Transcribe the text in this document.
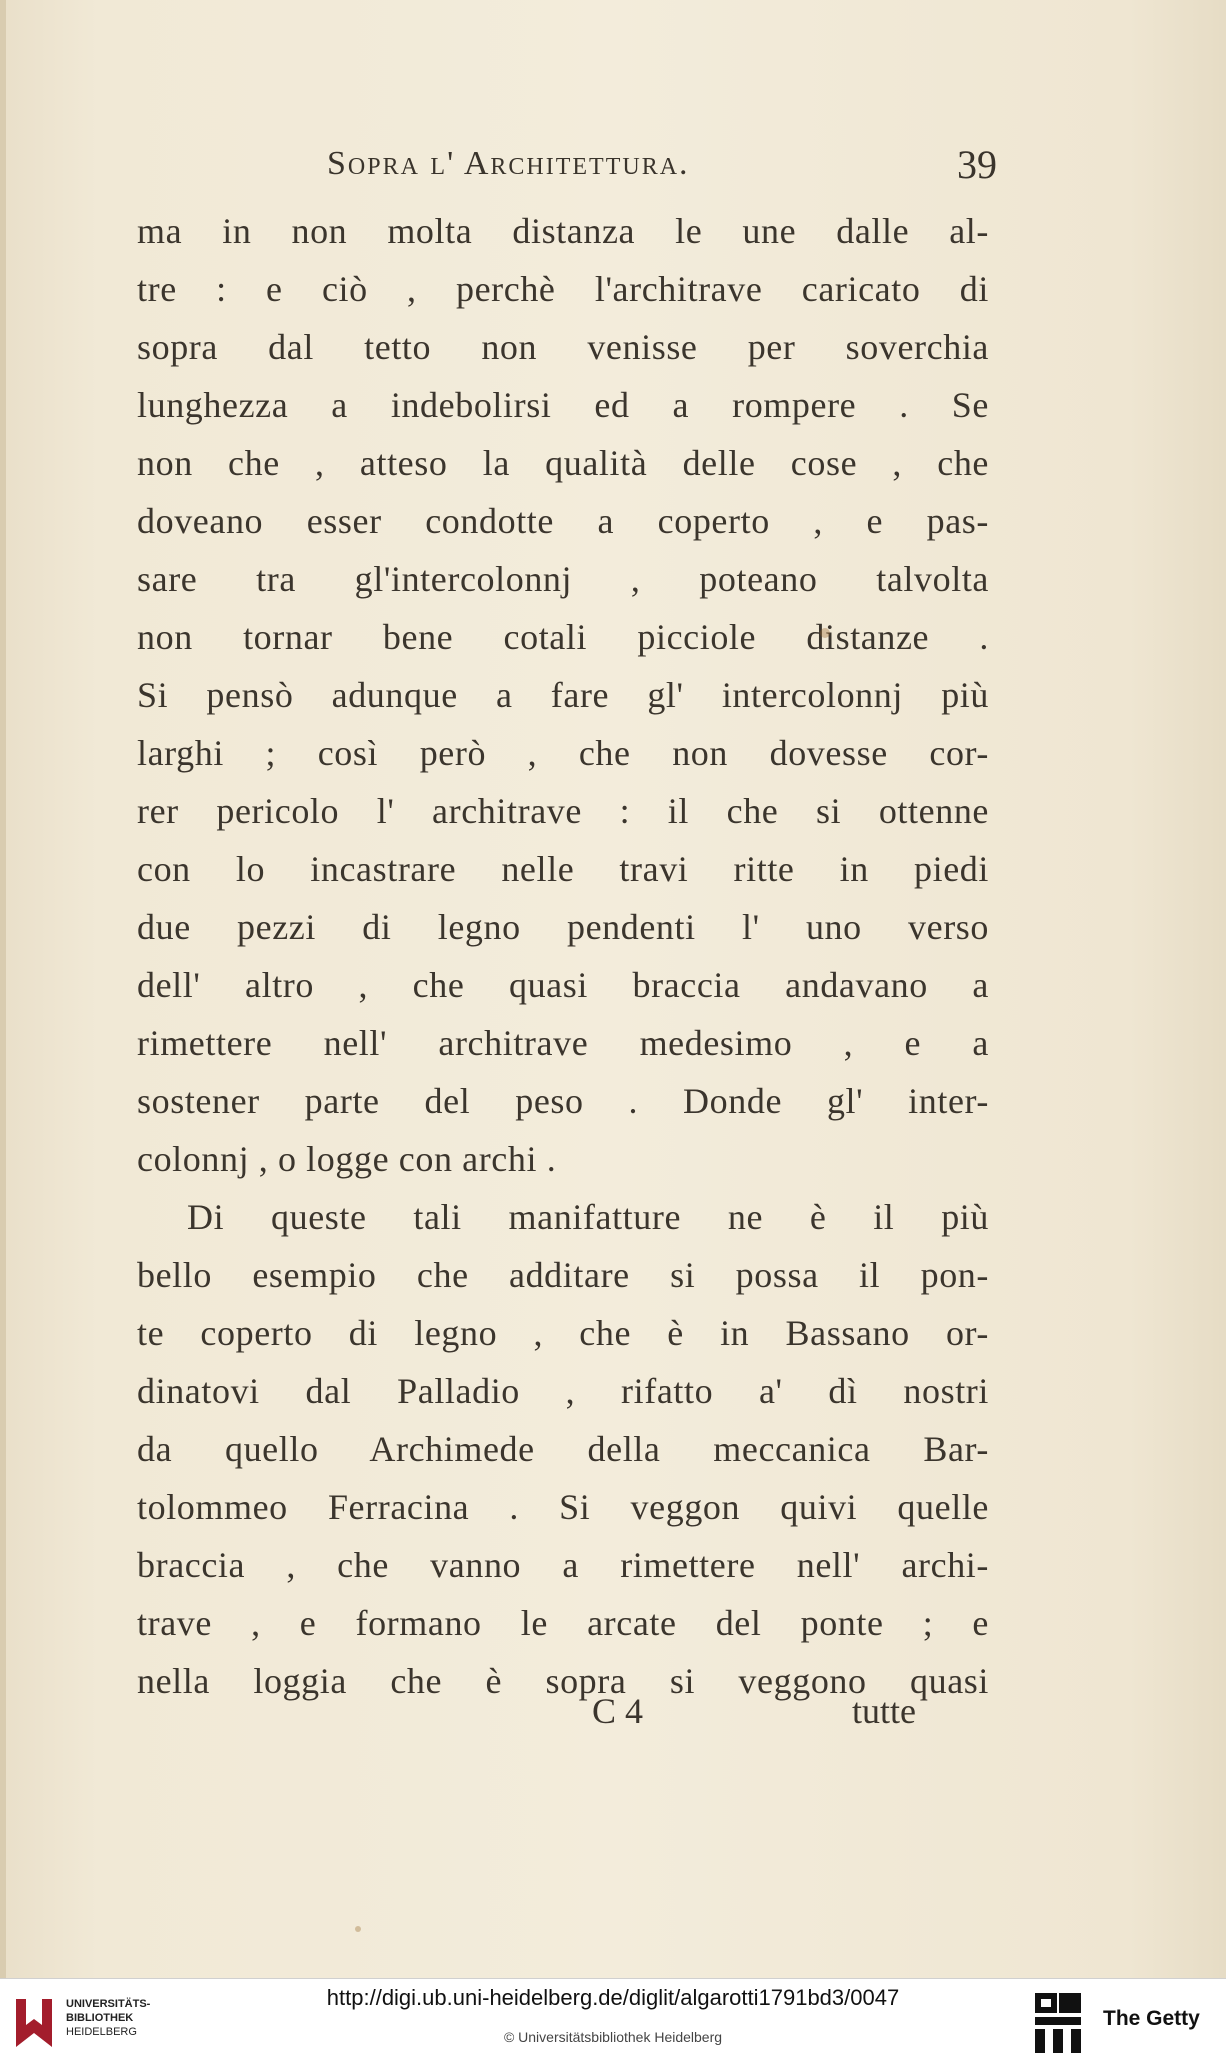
Sopra l' Architettura.	39
ma in non molta distanza le une dalle al-
tre : e ciò , perchè l'architrave caricato di
sopra dal tetto non venisse per soverchia
lunghezza a indebolirsi ed a rompere . Se
non che , atteso la qualità delle cose , che
doveano esser condotte a coperto , e pas-
sare tra gl'intercolonnj , poteano talvolta
non tornar bene cotali picciole distanze .
Si pensò adunque a fare gl' intercolonnj più
larghi ; così però , che non dovesse cor-
rer pericolo l' architrave : il che si ottenne
con lo incastrare nelle travi ritte in piedi
due pezzi di legno pendenti l' uno verso
dell' altro , che quasi braccia andavano a
rimettere nell' architrave medesimo , e a
sostener parte del peso . Donde gl' inter-
colonnj , o logge con archi .
Di queste tali manifatture ne è il più
bello esempio che additare si possa il pon-
te coperto di legno , che è in Bassano or-
dinatovi dal Palladio , rifatto a' dì nostri
da quello Archimede della meccanica Bar-
tolommeo Ferracina . Si veggon quivi quelle
braccia , che vanno a rimettere nell' archi-
trave , e formano le arcate del ponte ; e
nella loggia che è sopra si veggono quasi
C 4	tutte
UNIVERSITÄTS-
BIBLIOTHEK
HEIDELBERG
http://digi.ub.uni-heidelberg.de/diglit/algarotti1791bd3/0047
© Universitätsbibliothek Heidelberg
The Getty
